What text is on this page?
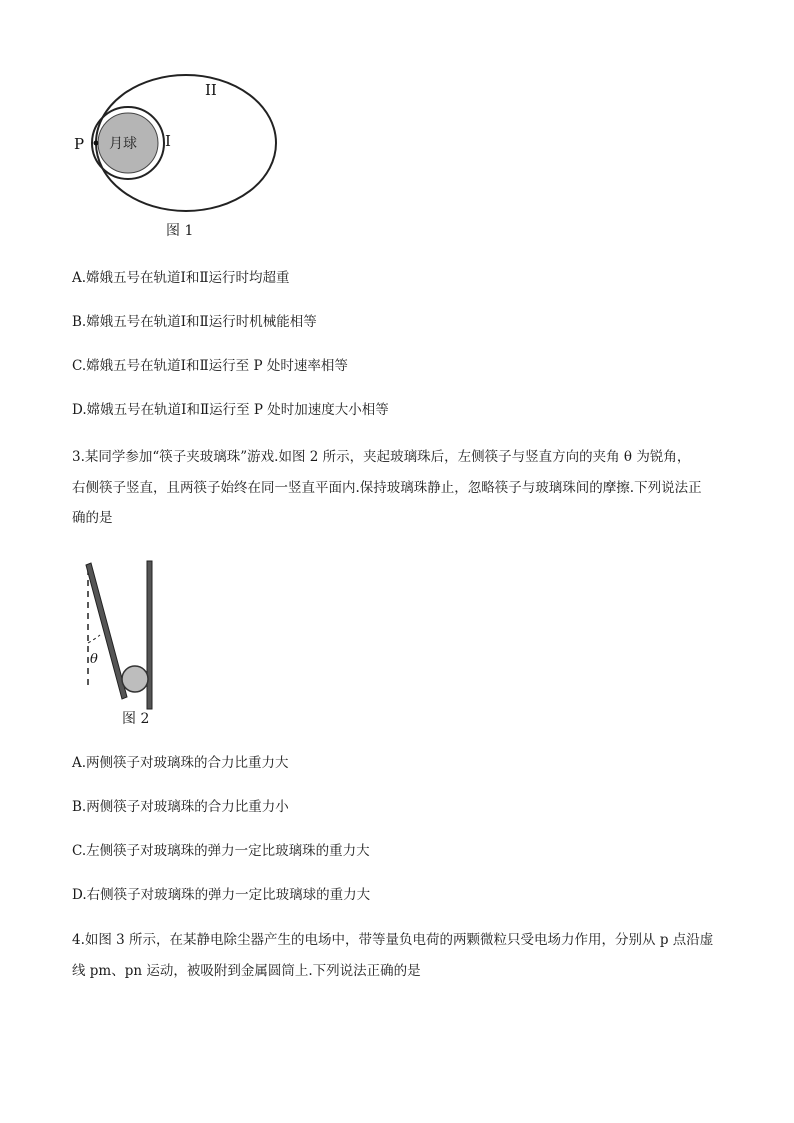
月球
P	I
II
图 1
A.嫦娥五号在轨道Ⅰ和Ⅱ运行时均超重
B.嫦娥五号在轨道Ⅰ和Ⅱ运行时机械能相等
C.嫦娥五号在轨道Ⅰ和Ⅱ运行至 P 处时速率相等
D.嫦娥五号在轨道Ⅰ和Ⅱ运行至 P 处时加速度大小相等
3.某同学参加“筷子夹玻璃珠”游戏.如图 2 所示，夹起玻璃珠后，左侧筷子与竖直方向的夹角 θ 为锐角，
右侧筷子竖直，且两筷子始终在同一竖直平面内.保持玻璃珠静止，忽略筷子与玻璃珠间的摩擦.下列说法正
确的是
θ
图 2
A.两侧筷子对玻璃珠的合力比重力大
B.两侧筷子对玻璃珠的合力比重力小
C.左侧筷子对玻璃珠的弹力一定比玻璃珠的重力大
D.右侧筷子对玻璃珠的弹力一定比玻璃球的重力大
4.如图 3 所示，在某静电除尘器产生的电场中，带等量负电荷的两颗微粒只受电场力作用，分别从 p 点沿虚
线 pm、pn 运动，被吸附到金属圆筒上.下列说法正确的是
